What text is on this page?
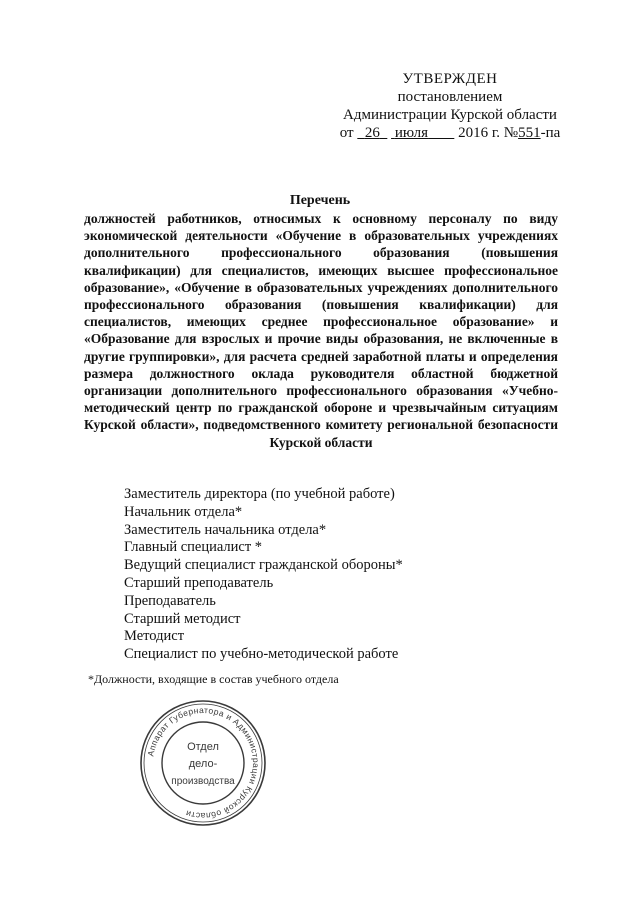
УТВЕРЖДЕН
постановлением
Администрации Курской области
от 26 июля 2016 г. №551-па
Перечень
должностей работников, относимых к основному персоналу по виду экономической деятельности «Обучение в образовательных учреждениях дополнительного профессионального образования (повышения квалификации) для специалистов, имеющих высшее профессиональное образование», «Обучение в образовательных учреждениях дополнительного профессионального образования (повышения квалификации) для специалистов, имеющих среднее профессиональное образование» и «Образование для взрослых и прочие виды образования, не включенные в другие группировки», для расчета средней заработной платы и определения размера должностного оклада руководителя областной бюджетной организации дополнительного профессионального образования «Учебно-методический центр по гражданской обороне и чрезвычайным ситуациям Курской области», подведомственного комитету региональной безопасности Курской области
Заместитель директора (по учебной работе)
Начальник отдела*
Заместитель начальника отдела*
Главный специалист *
Ведущий специалист гражданской обороны*
Старший преподаватель
Преподаватель
Старший методист
Методист
Специалист по учебно-методической работе
*Должности, входящие в состав учебного отдела
Аппарат Губернатора и Администрации Курской области
Отдел
дело-
производства
